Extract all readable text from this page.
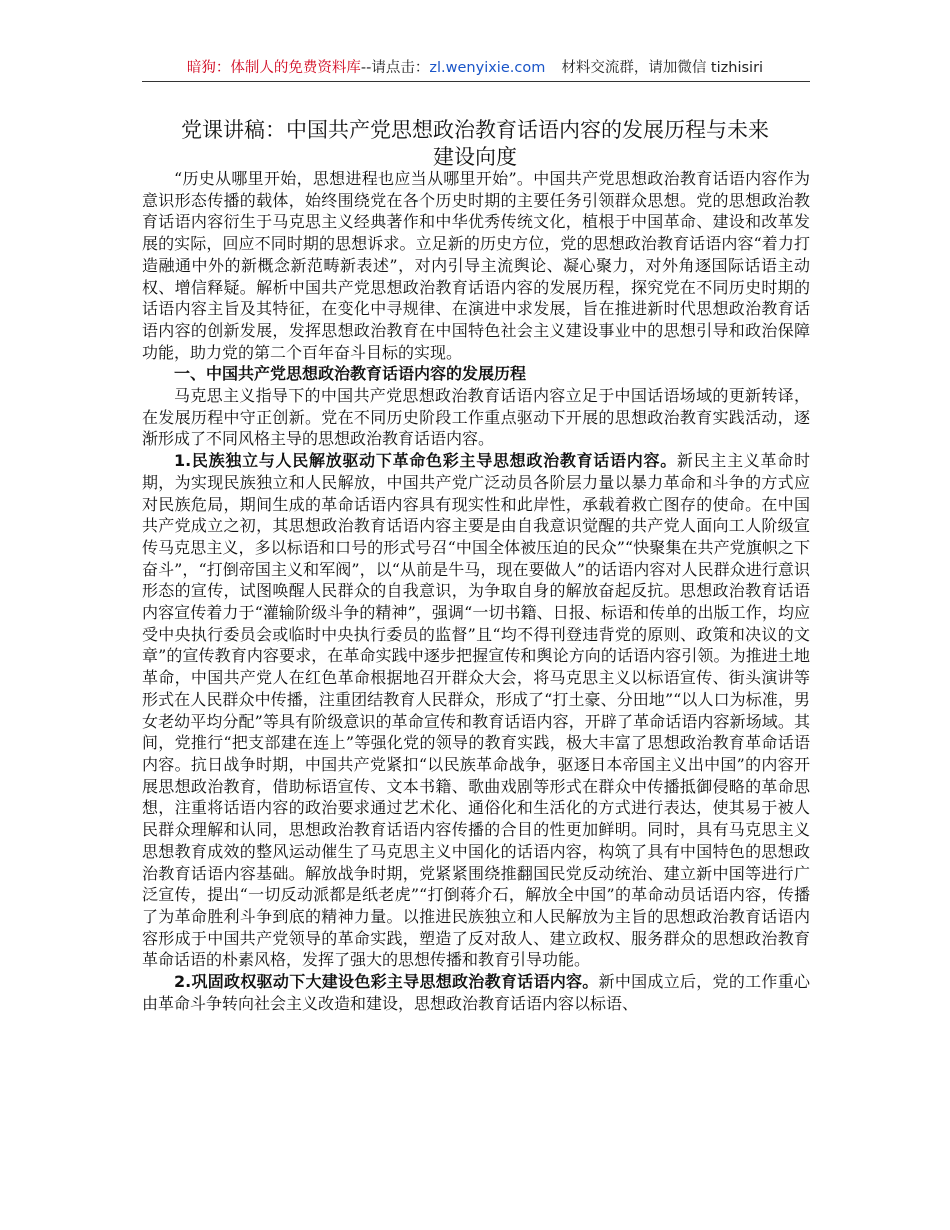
暗狗：体制人的免费资料库--请点击：zl.wenyixie.com 材料交流群，请加微信 tizhisiri
党课讲稿：中国共产党思想政治教育话语内容的发展历程与未来
建设向度

“历史从哪里开始，思想进程也应当从哪里开始”。中国共产党思想政治教育话语内容作为意识形态传播的载体，始终围绕党在各个历史时期的主要任务引领群众思想。党的思想政治教育话语内容衍生于马克思主义经典著作和中华优秀传统文化，植根于中国革命、建设和改革发展的实际，回应不同时期的思想诉求。立足新的历史方位，党的思想政治教育话语内容“着力打造融通中外的新概念新范畴新表述”，对内引导主流舆论、凝心聚力，对外角逐国际话语主动权、增信释疑。解析中国共产党思想政治教育话语内容的发展历程，探究党在不同历史时期的话语内容主旨及其特征，在变化中寻规律、在演进中求发展，旨在推进新时代思想政治教育话语内容的创新发展，发挥思想政治教育在中国特色社会主义建设事业中的思想引导和政治保障功能，助力党的第二个百年奋斗目标的实现。

一、中国共产党思想政治教育话语内容的发展历程

马克思主义指导下的中国共产党思想政治教育话语内容立足于中国话语场域的更新转译，在发展历程中守正创新。党在不同历史阶段工作重点驱动下开展的思想政治教育实践活动，逐渐形成了不同风格主导的思想政治教育话语内容。

1.民族独立与人民解放驱动下革命色彩主导思想政治教育话语内容。新民主主义革命时期，为实现民族独立和人民解放，中国共产党广泛动员各阶层力量以暴力革命和斗争的方式应对民族危局，期间生成的革命话语内容具有现实性和此岸性，承载着救亡图存的使命。在中国共产党成立之初，其思想政治教育话语内容主要是由自我意识觉醒的共产党人面向工人阶级宣传马克思主义，多以标语和口号的形式号召“中国全体被压迫的民众”“快聚集在共产党旗帜之下奋斗”，“打倒帝国主义和军阀”，以“从前是牛马，现在要做人”的话语内容对人民群众进行意识形态的宣传，试图唤醒人民群众的自我意识，为争取自身的解放奋起反抗。思想政治教育话语内容宣传着力于“灌输阶级斗争的精神”，强调“一切书籍、日报、标语和传单的出版工作，均应受中央执行委员会或临时中央执行委员的监督”且“均不得刊登违背党的原则、政策和决议的文章”的宣传教育内容要求，在革命实践中逐步把握宣传和舆论方向的话语内容引领。为推进土地革命，中国共产党人在红色革命根据地召开群众大会，将马克思主义以标语宣传、街头演讲等形式在人民群众中传播，注重团结教育人民群众，形成了“打土豪、分田地”“以人口为标准，男女老幼平均分配”等具有阶级意识的革命宣传和教育话语内容，开辟了革命话语内容新场域。其间，党推行“把支部建在连上”等强化党的领导的教育实践，极大丰富了思想政治教育革命话语内容。抗日战争时期，中国共产党紧扣“以民族革命战争，驱逐日本帝国主义出中国”的内容开展思想政治教育，借助标语宣传、文本书籍、歌曲戏剧等形式在群众中传播抵御侵略的革命思想，注重将话语内容的政治要求通过艺术化、通俗化和生活化的方式进行表达，使其易于被人民群众理解和认同，思想政治教育话语内容传播的合目的性更加鲜明。同时，具有马克思主义思想教育成效的整风运动催生了马克思主义中国化的话语内容，构筑了具有中国特色的思想政治教育话语内容基础。解放战争时期，党紧紧围绕推翻国民党反动统治、建立新中国等进行广泛宣传，提出“一切反动派都是纸老虎”“打倒蒋介石，解放全中国”的革命动员话语内容，传播了为革命胜利斗争到底的精神力量。以推进民族独立和人民解放为主旨的思想政治教育话语内容形成于中国共产党领导的革命实践，塑造了反对敌人、建立政权、服务群众的思想政治教育革命话语的朴素风格，发挥了强大的思想传播和教育引导功能。

2.巩固政权驱动下大建设色彩主导思想政治教育话语内容。新中国成立后，党的工作重心由革命斗争转向社会主义改造和建设，思想政治教育话语内容以标语、
